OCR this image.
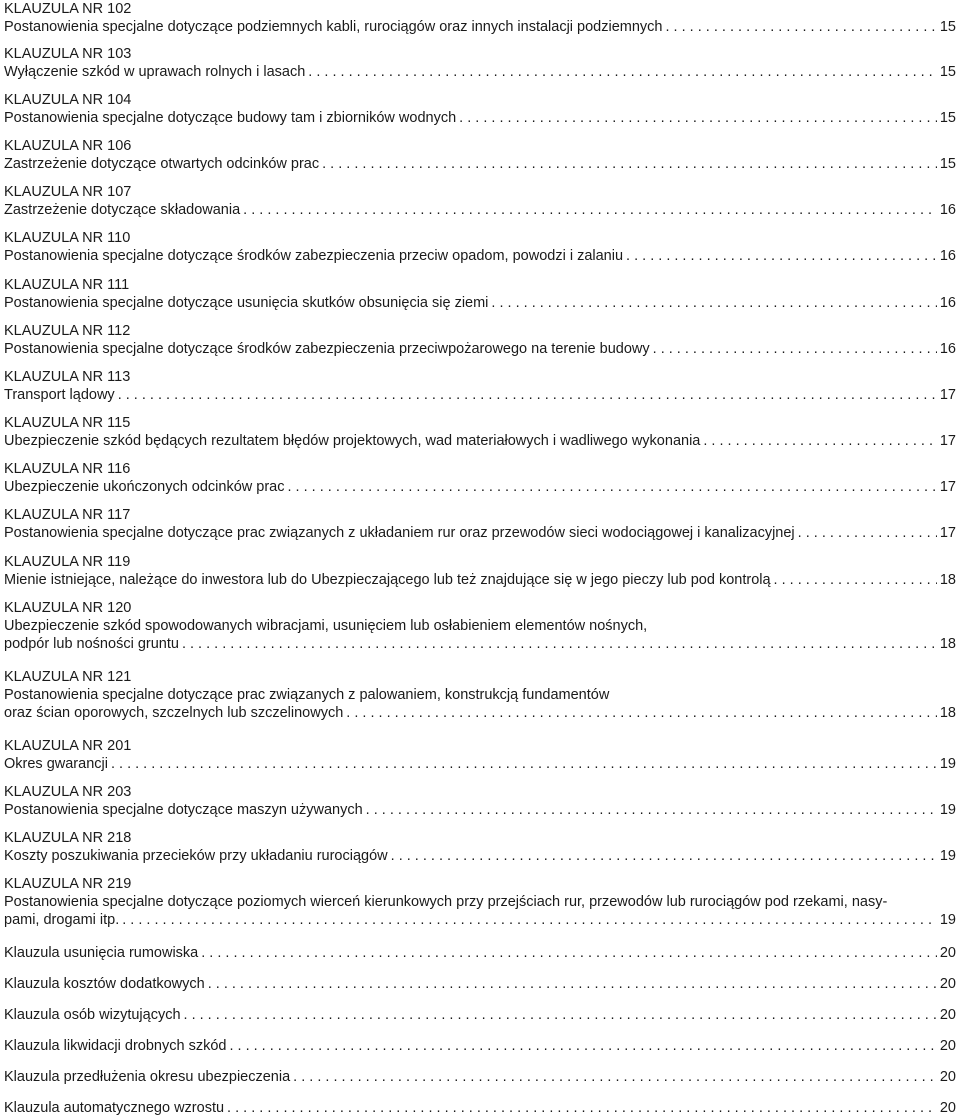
KLAUZULA NR 102
Postanowienia specjalne dotyczące podziemnych kabli, rurociągów oraz innych instalacji podziemnych . . .	15
KLAUZULA NR 103
Wyłączenie szkód w uprawach rolnych i lasach . . .	15
KLAUZULA NR 104
Postanowienia specjalne dotyczące budowy tam i zbiorników wodnych . . .	15
KLAUZULA NR 106
Zastrzeżenie dotyczące otwartych odcinków prac . . .	15
KLAUZULA NR 107
Zastrzeżenie dotyczące składowania . . .	16
KLAUZULA NR 110
Postanowienia specjalne dotyczące środków zabezpieczenia przeciw opadom, powodzi i zalaniu . . .	16
KLAUZULA NR 111
Postanowienia specjalne dotyczące usunięcia skutków obsunięcia się ziemi . . .	16
KLAUZULA NR 112
Postanowienia specjalne dotyczące środków zabezpieczenia przeciwpożarowego na terenie budowy . . .	16
KLAUZULA NR 113
Transport lądowy . . .	17
KLAUZULA NR 115
Ubezpieczenie szkód będących rezultatem błędów projektowych, wad materiałowych i wadliwego wykonania . . .	17
KLAUZULA NR 116
Ubezpieczenie ukończonych odcinków prac . . .	17
KLAUZULA NR 117
Postanowienia specjalne dotyczące prac związanych z układaniem rur oraz przewodów sieci wodociągowej i kanalizacyjnej . . .	17
KLAUZULA NR 119
Mienie istniejące, należące do inwestora lub do Ubezpieczającego lub też znajdujące się w jego pieczy lub pod kontrolą . . .	18
KLAUZULA NR 120
Ubezpieczenie szkód spowodowanych wibracjami, usunięciem lub osłabieniem elementów nośnych,
podpór lub nośności gruntu . . .	18
KLAUZULA NR 121
Postanowienia specjalne dotyczące prac związanych z palowaniem, konstrukcją fundamentów
oraz ścian oporowych, szczelnych lub szczelinowych . . .	18
KLAUZULA NR 201
Okres gwarancji . . .	19
KLAUZULA NR 203
Postanowienia specjalne dotyczące maszyn używanych . . .	19
KLAUZULA NR 218
Koszty poszukiwania przecieków przy układaniu rurociągów . . .	19
KLAUZULA NR 219
Postanowienia specjalne dotyczące poziomych wierceń kierunkowych przy przejściach rur, przewodów lub rurociągów pod rzekami, nasy-
pami, drogami itp. . . .	19
Klauzula usunięcia rumowiska . . .	20
Klauzula kosztów dodatkowych . . .	20
Klauzula osób wizytujących . . .	20
Klauzula likwidacji drobnych szkód . . .	20
Klauzula przedłużenia okresu ubezpieczenia . . .	20
Klauzula automatycznego wzrostu . . .	20
